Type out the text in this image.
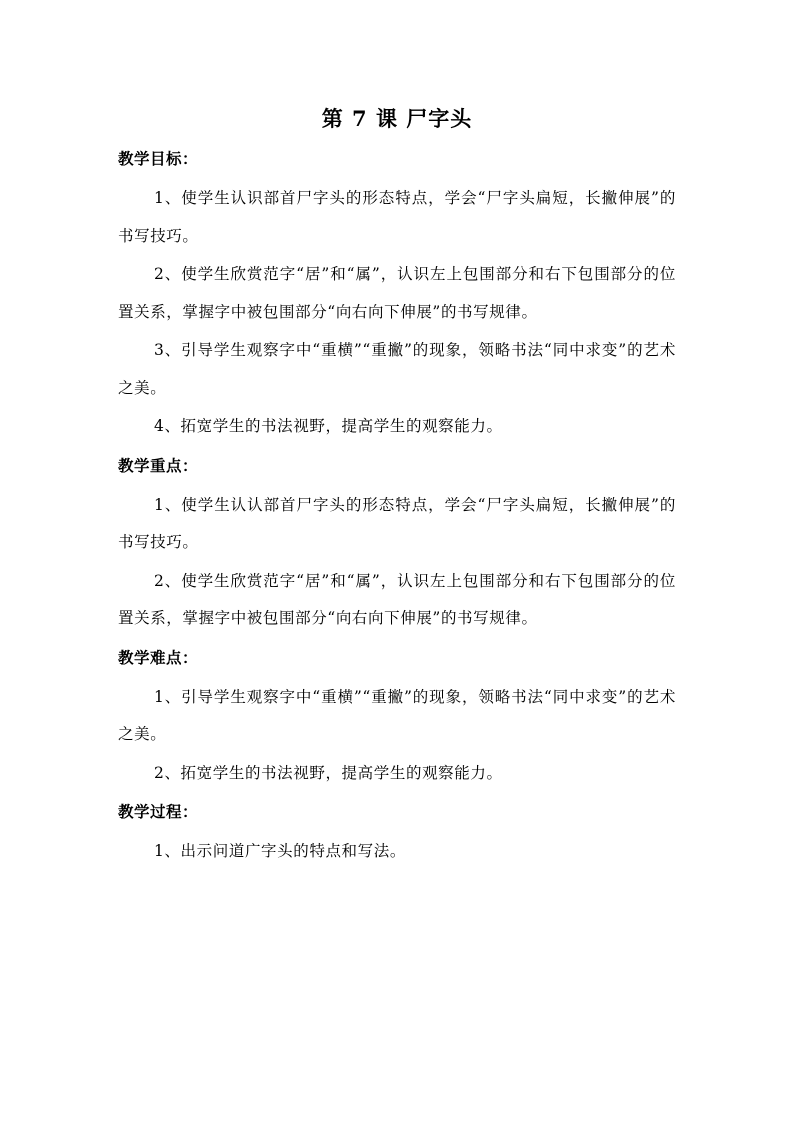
第 7 课 尸字头
教学目标：

1、使学生认识部首尸字头的形态特点，学会“尸字头扁短，长撇伸展”的书写技巧。

2、使学生欣赏范字“居”和“属”，认识左上包围部分和右下包围部分的位置关系，掌握字中被包围部分“向右向下伸展”的书写规律。

3、引导学生观察字中“重横”“重撇”的现象，领略书法“同中求变”的艺术之美。

4、拓宽学生的书法视野，提高学生的观察能力。

教学重点：

1、使学生认认部首尸字头的形态特点，学会“尸字头扁短，长撇伸展”的书写技巧。

2、使学生欣赏范字“居”和“属”，认识左上包围部分和右下包围部分的位置关系，掌握字中被包围部分“向右向下伸展”的书写规律。

教学难点：

1、引导学生观察字中“重横”“重撇”的现象，领略书法“同中求变”的艺术之美。

2、拓宽学生的书法视野，提高学生的观察能力。

教学过程：

1、出示问道广字头的特点和写法。
